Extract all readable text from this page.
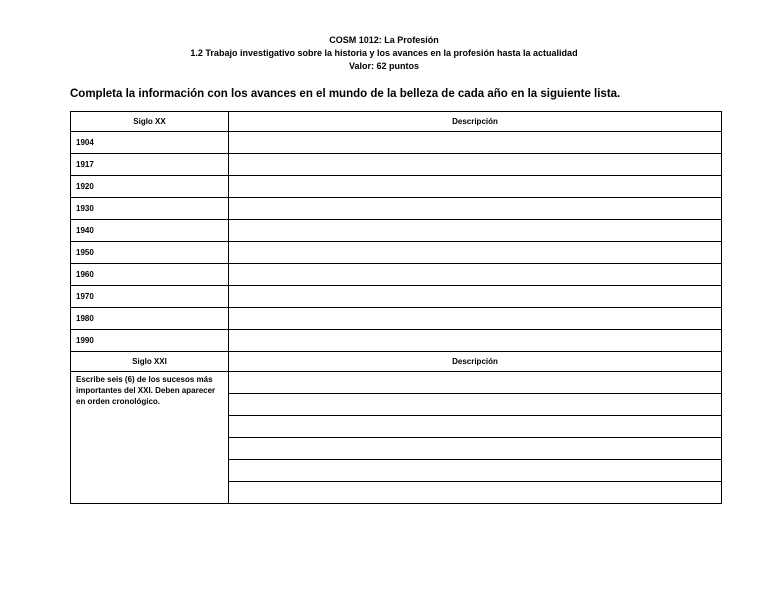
COSM 1012: La Profesión
1.2 Trabajo investigativo sobre la historia y los avances en la profesión hasta la actualidad
Valor: 62 puntos
Completa la información con los avances en el mundo de la belleza de cada año en la siguiente lista.
Siglo XX	Descripción
1904	
1917	
1920	
1930	
1940	
1950	
1960	
1970	
1980	
1990	
Siglo XXI	Descripción
Escribe seis (6) de los sucesos más importantes del XXI. Deben aparecer en orden cronológico.	
